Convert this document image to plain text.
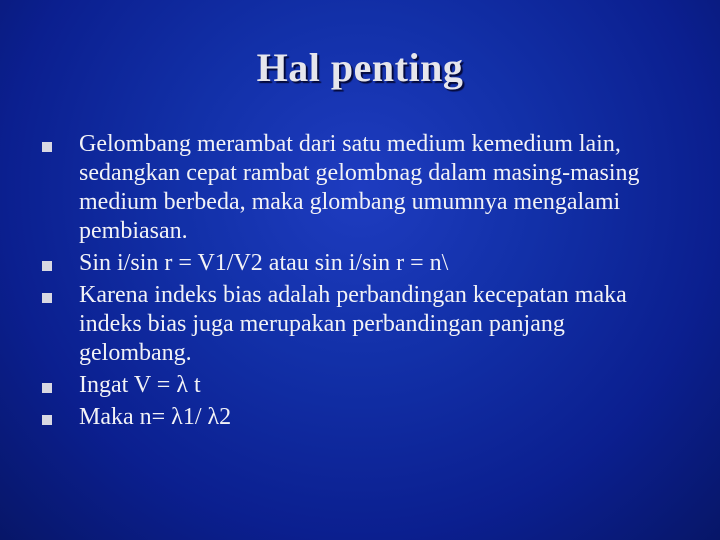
Hal penting
Gelombang merambat dari satu medium kemedium lain, sedangkan cepat rambat gelombnag dalam masing-masing medium berbeda, maka glombang umumnya mengalami pembiasan.
Sin i/sin r = V1/V2 atau sin i/sin r = n\
Karena indeks bias adalah perbandingan kecepatan maka indeks bias juga merupakan perbandingan panjang gelombang.
Ingat V = λ t
Maka n= λ1/ λ2
